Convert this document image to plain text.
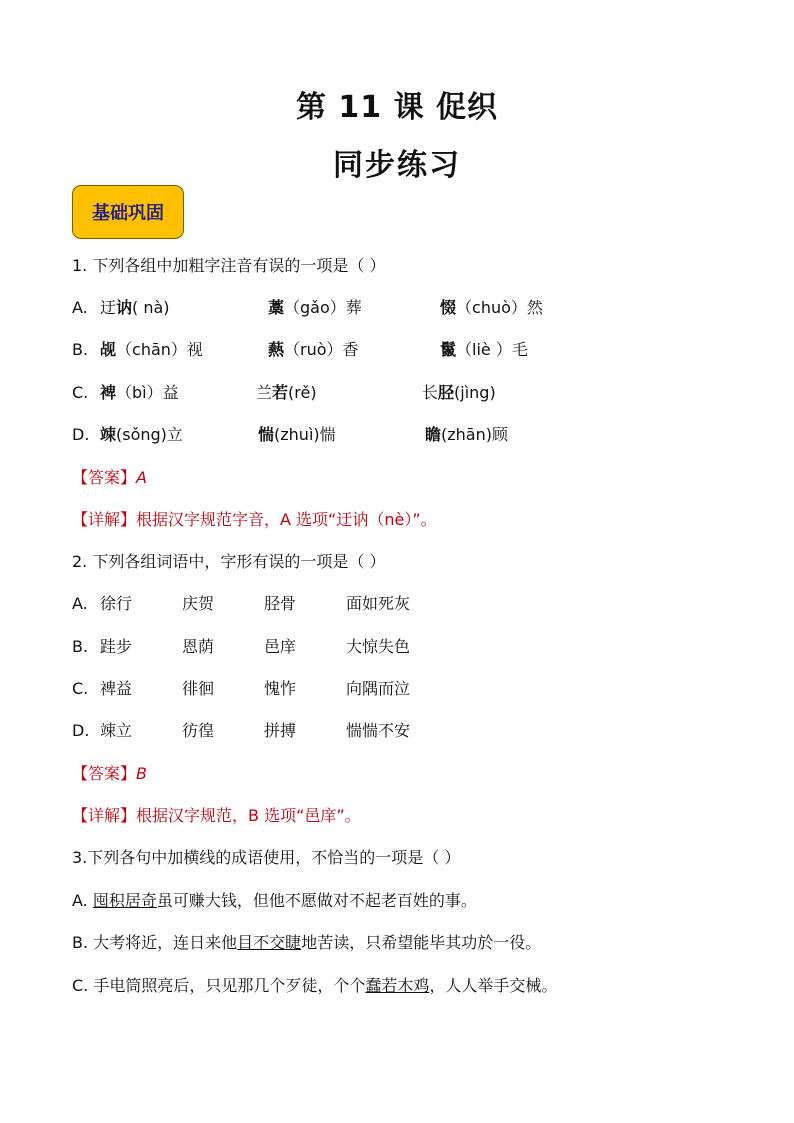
第 11 课 促织
同步练习
基础巩固
1. 下列各组中加粗字注音有误的一项是（ ）
A. 迂讷( nà)	藁（gǎo）葬	惙（chuò）然
B. 觇（chān）视	爇（ruò）香	鬣（liè ）毛
C. 裨（bì）益	兰若(rě)	长胫(jìng)
D. 竦(sǒng)立	惴(zhuì)惴	瞻(zhān)顾
【答案】A
【详解】根据汉字规范字音，A 选项“迂讷（nè）”。
2. 下列各组词语中，字形有误的一项是（ ）
A. 徐行	庆贺	胫骨	面如死灰
B. 跬步	恩荫	邑庠	大惊失色
C. 裨益	徘徊	愧怍	向隅而泣
D. 竦立	彷徨	拼搏	惴惴不安
【答案】B
【详解】根据汉字规范，B 选项“邑庠”。
3.下列各句中加横线的成语使用，不恰当的一项是（ ）
A. 囤积居奇虽可赚大钱，但他不愿做对不起老百姓的事。
B. 大考将近，连日来他目不交睫地苦读，只希望能毕其功於一役。
C. 手电筒照亮后，只见那几个歹徒，个个蠢若木鸡，人人举手交械。
